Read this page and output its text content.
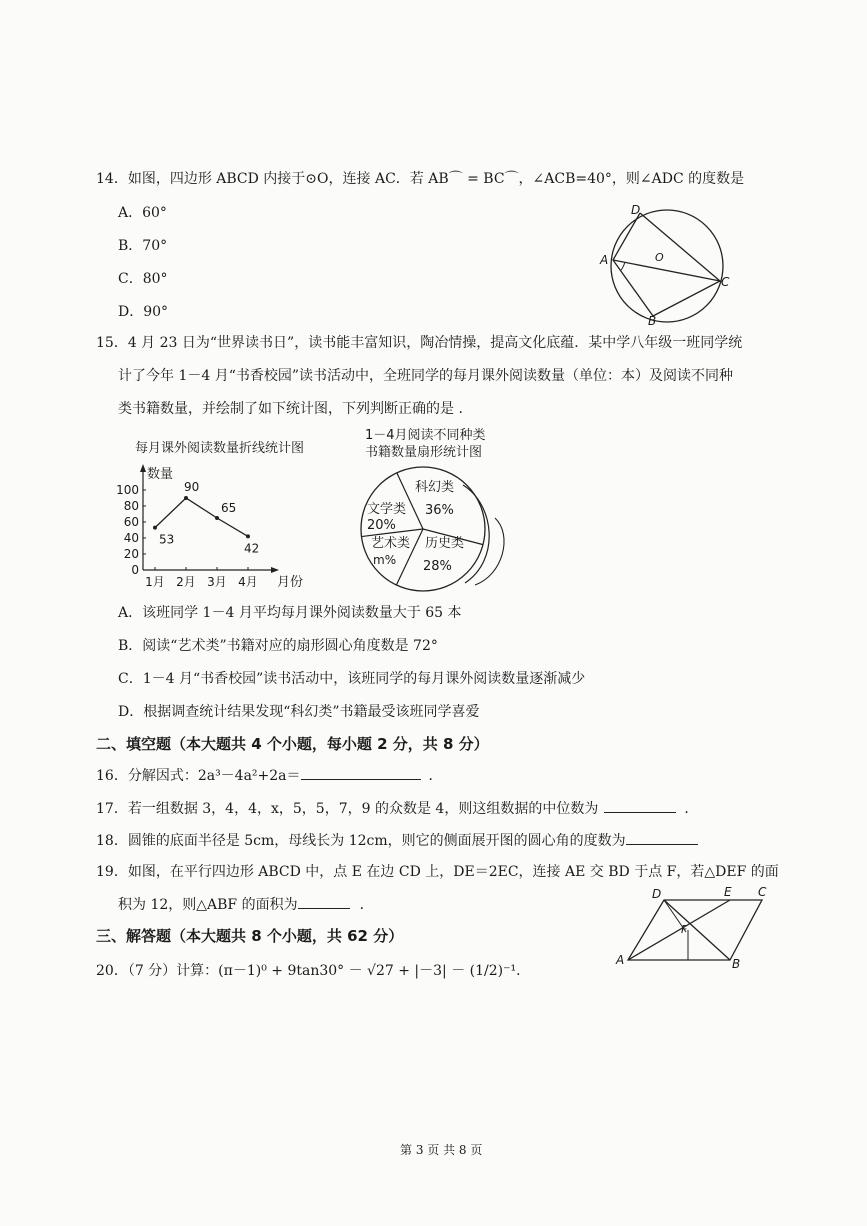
14．如图，四边形 ABCD 内接于⊙O，连接 AC．若 AB⌒ = BC⌒，∠ACB=40°，则∠ADC 的度数是
A．60°
B．70°
C．80°
D．90°
D
A	O
C
B
15．4 月 23 日为“世界读书日”，读书能丰富知识，陶冶情操，提高文化底蕴．某中学八年级一班同学统
计了今年 1－4 月“书香校园”读书活动中，全班同学的每月课外阅读数量（单位：本）及阅读不同种
类书籍数量，并绘制了如下统计图，下列判断正确的是 .
每月课外阅读数量折线统计图
数量
月份
100
80
60
40
20
0
1月 2月 3月 4月
53
90
65
42
1－4月阅读不同种类
书籍数量扇形统计图
科幻类
36%
历史类
28%
艺术类
m%
文学类
20%
A．该班同学 1－4 月平均每月课外阅读数量大于 65 本
B．阅读“艺术类”书籍对应的扇形圆心角度数是 72°
C．1－4 月“书香校园”读书活动中，该班同学的每月课外阅读数量逐渐减少
D．根据调查统计结果发现“科幻类”书籍最受该班同学喜爱
二、填空题（本大题共 4 个小题，每小题 2 分，共 8 分）
16．分解因式：2a³－4a²+2a＝	．
17．若一组数据 3，4，4，x，5，5，7，9 的众数是 4，则这组数据的中位数为	．
18．圆锥的底面半径是 5cm，母线长为 12cm，则它的侧面展开图的圆心角的度数为
19．如图，在平行四边形 ABCD 中，点 E 在边 CD 上，DE＝2EC，连接 AE 交 BD 于点 F，若△DEF 的面
积为 12，则△ABF 的面积为	．
D	E C
F
A	B
三、解答题（本大题共 8 个小题，共 62 分）
20．（7 分）计算：(π－1)⁰ + 9tan30° － √27 + |－3| － (1/2)⁻¹．
第 3 页 共 8 页
